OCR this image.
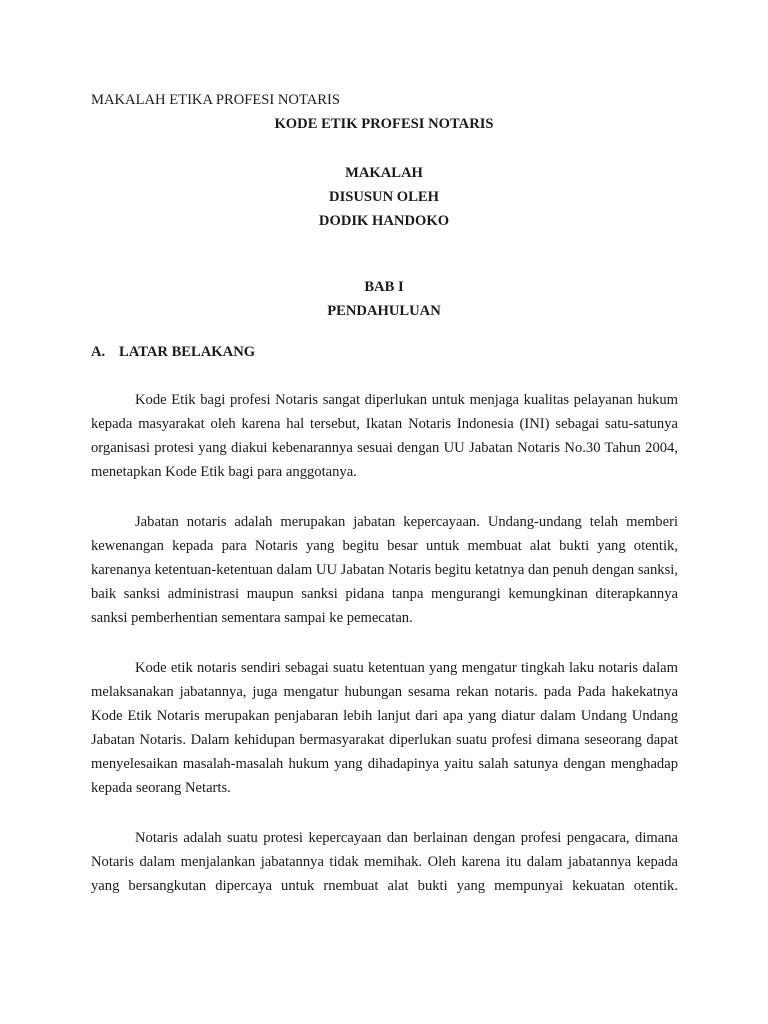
MAKALAH ETIKA PROFESI NOTARIS
KODE ETIK PROFESI NOTARIS
MAKALAH
DISUSUN OLEH
DODIK HANDOKO
BAB I
PENDAHULUAN
A. LATAR BELAKANG

Kode Etik bagi profesi Notaris sangat diperlukan untuk menjaga kualitas pelayanan hukum kepada masyarakat oleh karena hal tersebut, Ikatan Notaris Indonesia (INI) sebagai satu-satunya organisasi protesi yang diakui kebenarannya sesuai dengan UU Jabatan Notaris No.30 Tahun 2004, menetapkan Kode Etik bagi para anggotanya.

Jabatan notaris adalah merupakan jabatan kepercayaan. Undang-undang telah memberi kewenangan kepada para Notaris yang begitu besar untuk membuat alat bukti yang otentik, karenanya ketentuan-ketentuan dalam UU Jabatan Notaris begitu ketatnya dan penuh dengan sanksi, baik sanksi administrasi maupun sanksi pidana tanpa mengurangi kemungkinan diterapkannya sanksi pemberhentian sementara sampai ke pemecatan.

Kode etik notaris sendiri sebagai suatu ketentuan yang mengatur tingkah laku notaris dalam melaksanakan jabatannya, juga mengatur hubungan sesama rekan notaris. pada Pada hakekatnya Kode Etik Notaris merupakan penjabaran lebih lanjut dari apa yang diatur dalam Undang Undang Jabatan Notaris. Dalam kehidupan bermasyarakat diperlukan suatu profesi dimana seseorang dapat menyelesaikan masalah-masalah hukum yang dihadapinya yaitu salah satunya dengan menghadap kepada seorang Netarts.

Notaris adalah suatu protesi kepercayaan dan berlainan dengan profesi pengacara, dimana Notaris dalam menjalankan jabatannya tidak memihak. Oleh karena itu dalam jabatannya kepada yang bersangkutan dipercaya untuk rnembuat alat bukti yang mempunyai kekuatan otentik.
